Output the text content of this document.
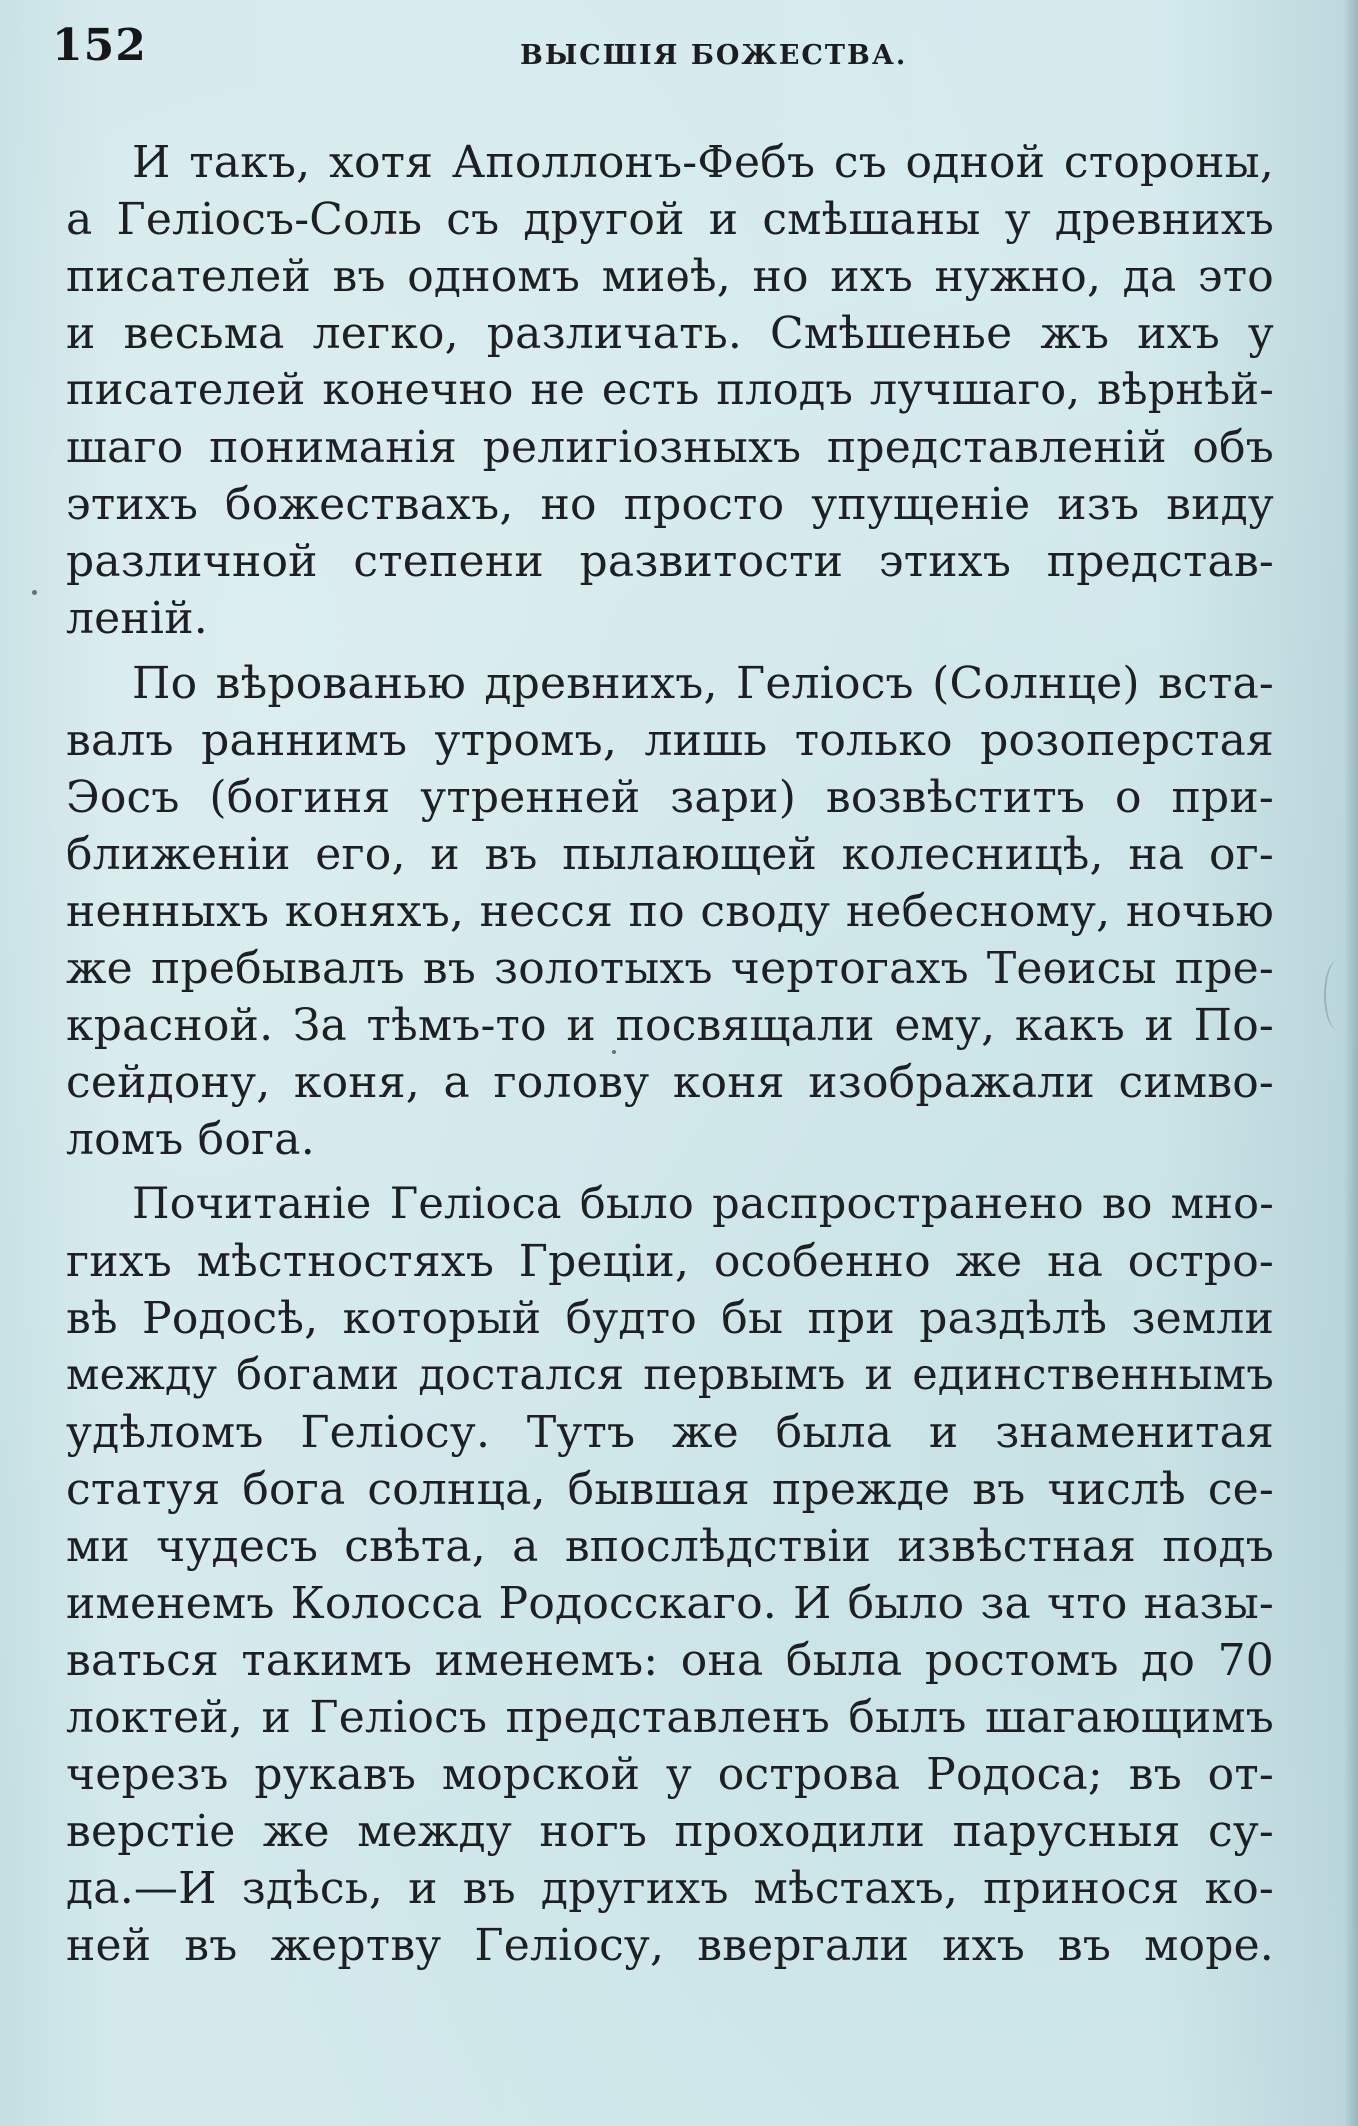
152	ВЫСШІЯ БОЖЕСТВА.
И такъ, хотя Аполлонъ-Фебъ съ одной стороны,
а Геліосъ-Соль съ другой и смѣшаны у древнихъ
писателей въ одномъ миѳѣ, но ихъ нужно, да это
и весьма легко, различать. Смѣшенье жъ ихъ у
писателей конечно не есть плодъ лучшаго, вѣрнѣй-
шаго пониманія религіозныхъ представленій объ
этихъ божествахъ, но просто упущеніе изъ виду
различной степени развитости этихъ представ-
леній.
По вѣрованью древнихъ, Геліосъ (Солнце) вста-
валъ раннимъ утромъ, лишь только розоперстая
Эосъ (богиня утренней зари) возвѣститъ о при-
ближеніи его, и въ пылающей колесницѣ, на ог-
ненныхъ коняхъ, несся по своду небесному, ночью
же пребывалъ въ золотыхъ чертогахъ Теѳисы пре-
красной. За тѣмъ-то и посвящали ему, какъ и По-
сейдону, коня, а голову коня изображали симво-
ломъ бога.
Почитаніе Геліоса было распространено во мно-
гихъ мѣстностяхъ Греціи, особенно же на остро-
вѣ Родосѣ, который будто бы при раздѣлѣ земли
между богами достался первымъ и единственнымъ
удѣломъ Геліосу. Тутъ же была и знаменитая
статуя бога солнца, бывшая прежде въ числѣ се-
ми чудесъ свѣта, а впослѣдствіи извѣстная подъ
именемъ Колосса Родосскаго. И было за что назы-
ваться такимъ именемъ: она была ростомъ до 70
локтей, и Геліосъ представленъ былъ шагающимъ
черезъ рукавъ морской у острова Родоса; въ от-
верстіе же между ногъ проходили парусныя су-
да.—И здѣсь, и въ другихъ мѣстахъ, принося ко-
ней въ жертву Геліосу, ввергали ихъ въ море.
